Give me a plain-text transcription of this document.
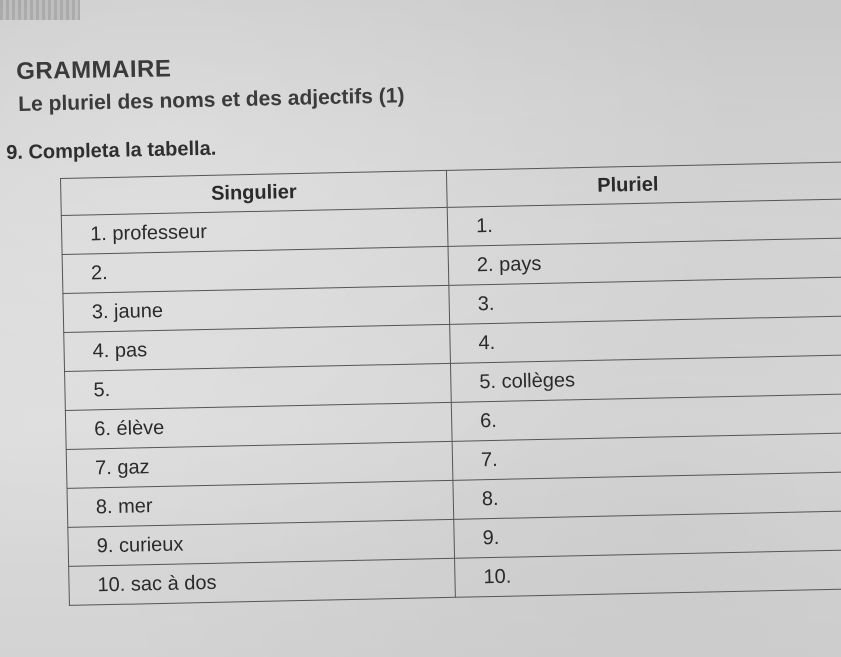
GRAMMAIRE
Le pluriel des noms et des adjectifs (1)
9. Completa la tabella.
Singulier	Pluriel
1. professeur	1.
2.	2. pays
3. jaune	3.
4. pas	4.
5.	5. collèges
6. élève	6.
7. gaz	7.
8. mer	8.
9. curieux	9.
10. sac à dos	10.
